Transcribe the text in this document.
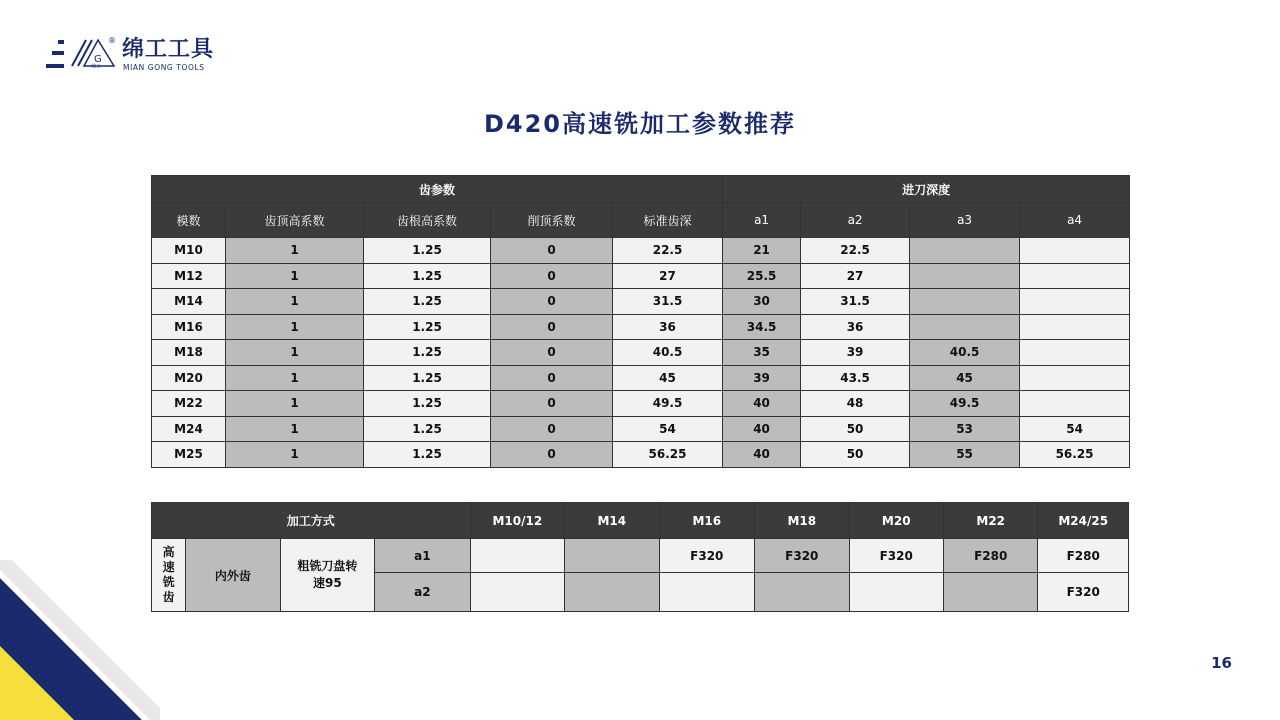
G
绵工
® 绵工工具
MIAN GONG TOOLS
D420高速铣加工参数推荐
齿参数					进刀深度			
模数	齿顶高系数	齿根高系数	削顶系数	标准齿深	a1	a2	a3	a4
M10	1	1.25	0	22.5	21	22.5		
M12	1	1.25	0	27	25.5	27		
M14	1	1.25	0	31.5	30	31.5		
M16	1	1.25	0	36	34.5	36		
M18	1	1.25	0	40.5	35	39	40.5	
M20	1	1.25	0	45	39	43.5	45	
M22	1	1.25	0	49.5	40	48	49.5	
M24	1	1.25	0	54	40	50	53	54
M25	1	1.25	0	56.25	40	50	55	56.25
加工方式				M10/12	M14	M16	M18	M20	M22	M24/25

高
速
铣
齿	内外齿	粗铣刀盘转速95	a1			F320	F320	F320	F280	F280
			a2							F320
16
